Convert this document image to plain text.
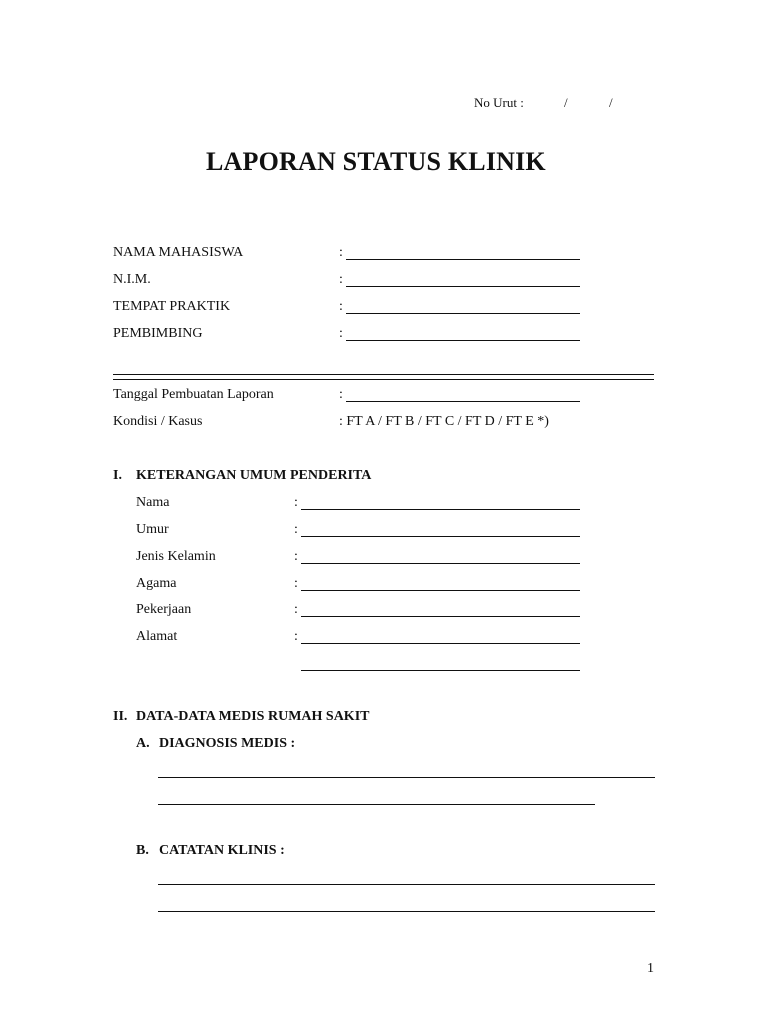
No Urut :	/	/
LAPORAN STATUS KLINIK
NAMA MAHASISWA	:
N.I.M.	:
TEMPAT PRAKTIK	:
PEMBIMBING	:
Tanggal Pembuatan Laporan	:
Kondisi / Kasus	: FT A / FT B / FT C / FT D / FT E *)
I. KETERANGAN UMUM PENDERITA
Nama	:
Umur	:
Jenis Kelamin	:
Agama	:
Pekerjaan	:
Alamat	:
II. DATA-DATA MEDIS RUMAH SAKIT
A. DIAGNOSIS MEDIS :
B. CATATAN KLINIS :
1
